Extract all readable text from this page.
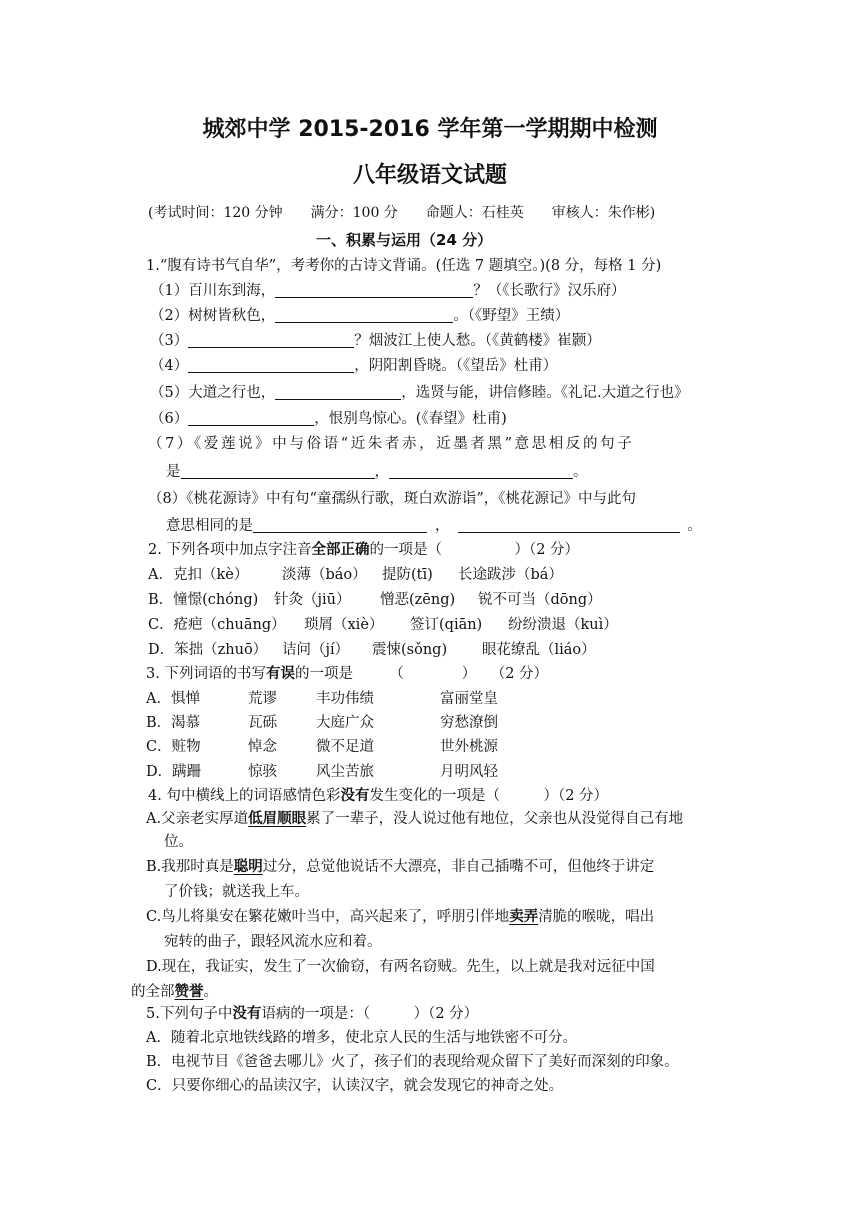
城郊中学 2015-2016 学年第一学期期中检测
八年级语文试题
(考试时间：120 分钟　　满分：100 分　　命题人：石桂英　　审核人：朱作彬)
一、积累与运用（24 分）
1.“腹有诗书气自华”，考考你的古诗文背诵。(任选 7 题填空。)(8 分，每格 1 分)
（1）百川东到海，	？（《长歌行》汉乐府）
（2）树树皆秋色，	。（《野望》王绩）
（3）	？烟波江上使人愁。（《黄鹤楼》崔颢）
（4）	，阴阳割昏晓。（《望岳》杜甫）
（5）大道之行也，	，选贤与能，讲信修睦。《礼记.大道之行也》
（6）	，恨别鸟惊心。(《春望》杜甫)
（7）《爱莲说》中与俗语“近朱者赤，近墨者黑”意思相反的句子
是	，	。
（8）《桃花源诗》中有句“童孺纵行歌，斑白欢游诣”，《桃花源记》中与此句
意思相同的是	，	。
2. 下列各项中加点字注音全部正确的一项是（　　　　　）（2 分）
A．克扣（kè） 淡薄（báo） 提防(tī) 长途跋涉（bá）
B．憧憬(chóng) 针灸（jiū） 憎恶(zēng) 锐不可当（dōng）
C．疮疤（chuāng） 琐屑（xiè） 签订(qiān) 纷纷溃退（kuì）
D．笨拙（zhuō） 诘问（jí） 震悚(sǒng) 眼花缭乱（liáo）
3. 下列词语的书写有误的一项是　　　（　　　　）　　（2 分）
A．惧惮	荒谬	丰功伟绩	富丽堂皇
B．渴慕	瓦砾	大庭广众	穷愁潦倒
C．赃物	悼念	微不足道	世外桃源
D．蹒跚	惊骇	风尘苦旅	月明风轻
4. 句中横线上的词语感情色彩没有发生变化的一项是（　　　）（2 分）
A.父亲老实厚道低眉顺眼累了一辈子，没人说过他有地位，父亲也从没觉得自己有地
位。
B.我那时真是聪明过分，总觉他说话不大漂亮，非自己插嘴不可，但他终于讲定
了价钱；就送我上车。
C.鸟儿将巢安在繁花嫩叶当中，高兴起来了，呼朋引伴地卖弄清脆的喉咙，唱出
宛转的曲子，跟轻风流水应和着。
D.现在，我证实，发生了一次偷窃，有两名窃贼。先生，以上就是我对远征中国
的全部赞誉。
5.下列句子中没有语病的一项是：（　　　）（2 分）
A．随着北京地铁线路的增多，使北京人民的生活与地铁密不可分。
B．电视节目《爸爸去哪儿》火了，孩子们的表现给观众留下了美好而深刻的印象。
C．只要你细心的品读汉字，认读汉字，就会发现它的神奇之处。
